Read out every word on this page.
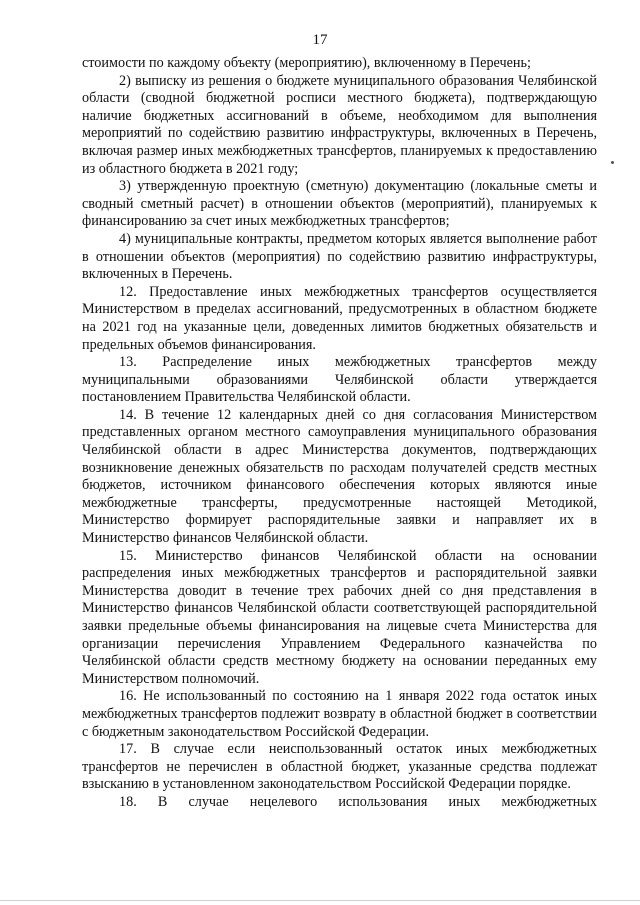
17

стоимости по каждому объекту (мероприятию), включенному в Перечень;

2) выписку из решения о бюджете муниципального образования Челябинской области (сводной бюджетной росписи местного бюджета), подтверждающую наличие бюджетных ассигнований в объеме, необходимом для выполнения мероприятий по содействию развитию инфраструктуры, включенных в Перечень, включая размер иных межбюджетных трансфертов, планируемых к предоставлению из областного бюджета в 2021 году;

3) утвержденную проектную (сметную) документацию (локальные сметы и сводный сметный расчет) в отношении объектов (мероприятий), планируемых к финансированию за счет иных межбюджетных трансфертов;

4) муниципальные контракты, предметом которых является выполнение работ в отношении объектов (мероприятия) по содействию развитию инфраструктуры, включенных в Перечень.

12. Предоставление иных межбюджетных трансфертов осуществляется Министерством в пределах ассигнований, предусмотренных в областном бюджете на 2021 год на указанные цели, доведенных лимитов бюджетных обязательств и предельных объемов финансирования.

13. Распределение иных межбюджетных трансфертов между муниципальными образованиями Челябинской области утверждается постановлением Правительства Челябинской области.

14. В течение 12 календарных дней со дня согласования Министерством представленных органом местного самоуправления муниципального образования Челябинской области в адрес Министерства документов, подтверждающих возникновение денежных обязательств по расходам получателей средств местных бюджетов, источником финансового обеспечения которых являются иные межбюджетные трансферты, предусмотренные настоящей Методикой, Министерство формирует распорядительные заявки и направляет их в Министерство финансов Челябинской области.

15. Министерство финансов Челябинской области на основании распределения иных межбюджетных трансфертов и распорядительной заявки Министерства доводит в течение трех рабочих дней со дня представления в Министерство финансов Челябинской области соответствующей распорядительной заявки предельные объемы финансирования на лицевые счета Министерства для организации перечисления Управлением Федерального казначейства по Челябинской области средств местному бюджету на основании переданных ему Министерством полномочий.

16. Не использованный по состоянию на 1 января 2022 года остаток иных межбюджетных трансфертов подлежит возврату в областной бюджет в соответствии с бюджетным законодательством Российской Федерации.

17. В случае если неиспользованный остаток иных межбюджетных трансфертов не перечислен в областной бюджет, указанные средства подлежат взысканию в установленном законодательством Российской Федерации порядке.

18. В случае нецелевого использования иных межбюджетных
